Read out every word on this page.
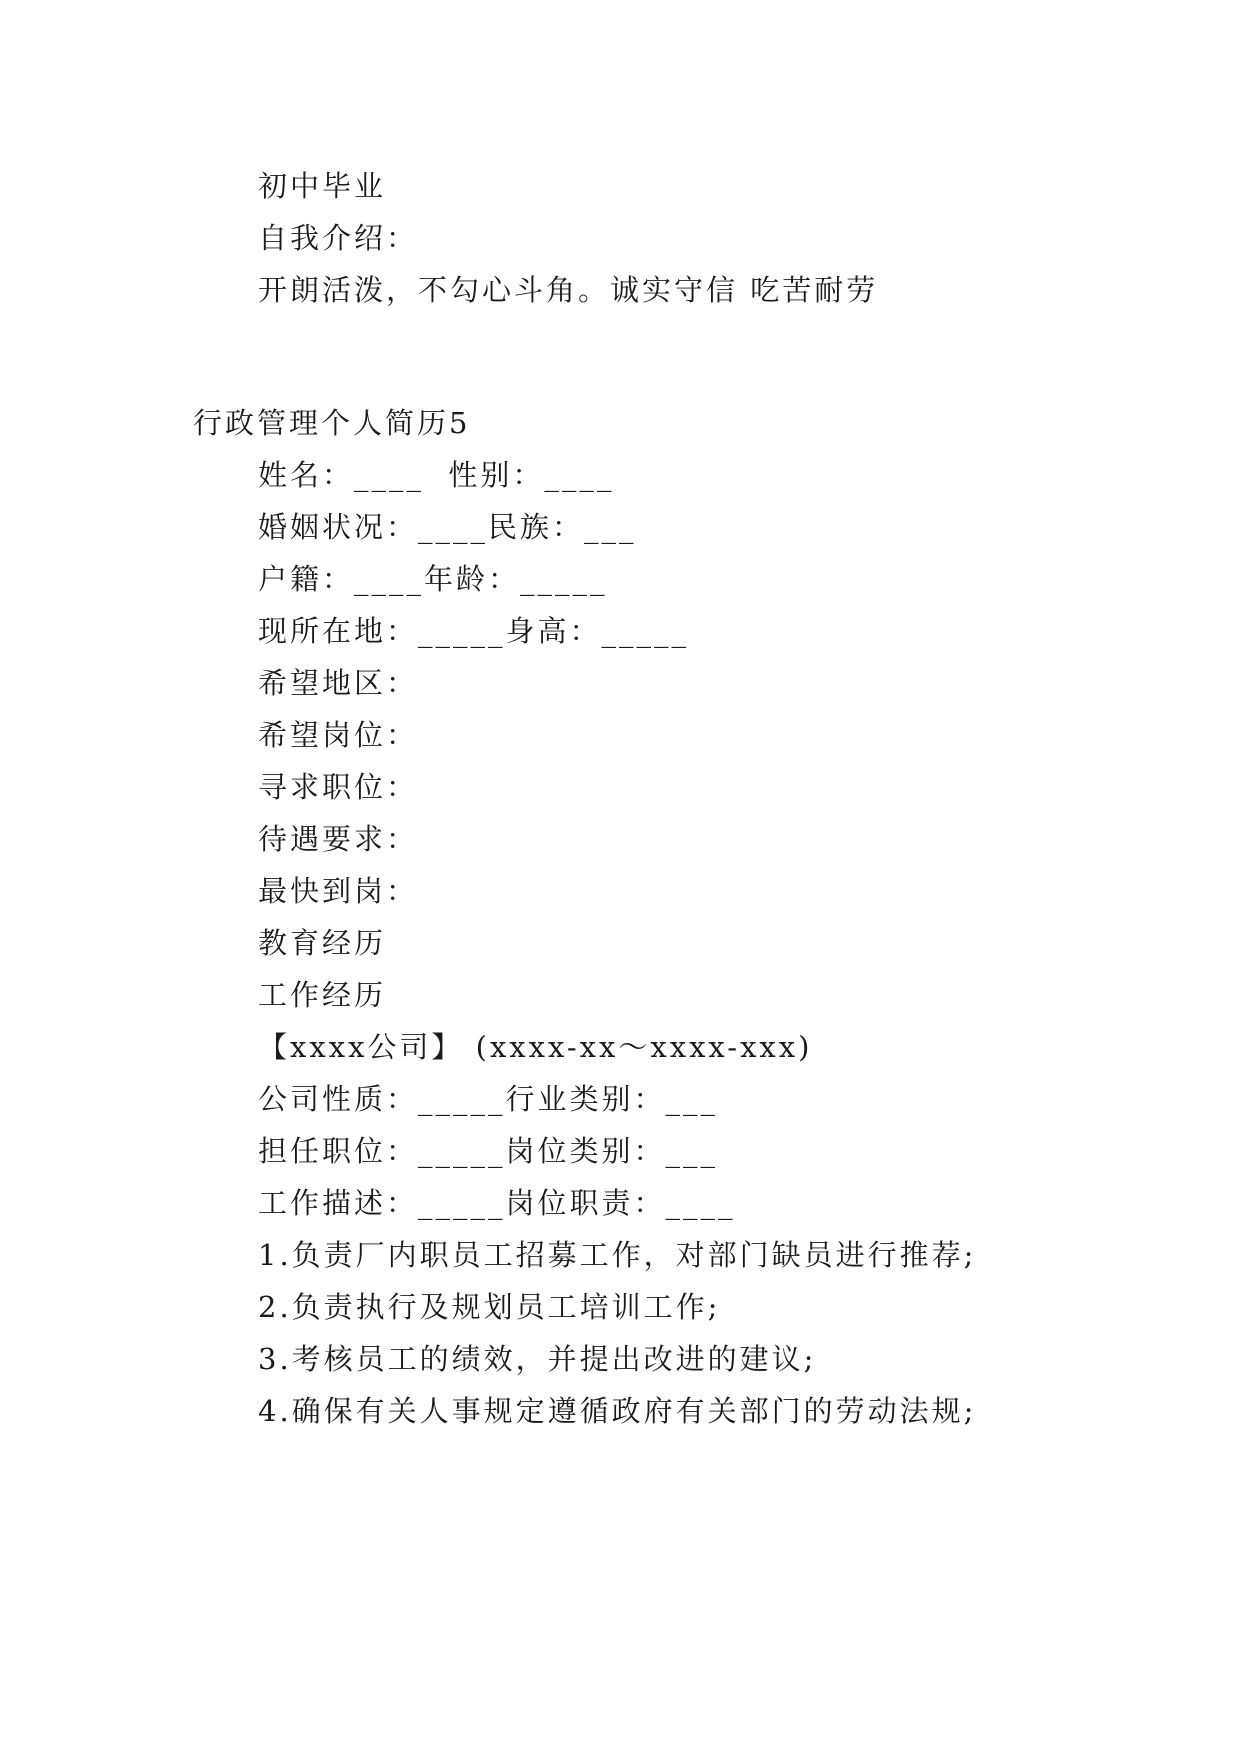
初中毕业
自我介绍：
开朗活泼，不勾心斗角。诚实守信 吃苦耐劳
行政管理个人简历5
姓名：____  性别：____
婚姻状况：____民族：___
户籍：____年龄：_____
现所在地：_____身高：_____
希望地区：
希望岗位：
寻求职位：
待遇要求：
最快到岗：
教育经历
工作经历
【xxxx公司】 (xxxx-xx～xxxx-xxx)
公司性质：_____行业类别：___
担任职位：_____岗位类别：___
工作描述：_____岗位职责：____
1.负责厂内职员工招募工作，对部门缺员进行推荐;
2.负责执行及规划员工培训工作;
3.考核员工的绩效，并提出改进的建议;
4.确保有关人事规定遵循政府有关部门的劳动法规;
